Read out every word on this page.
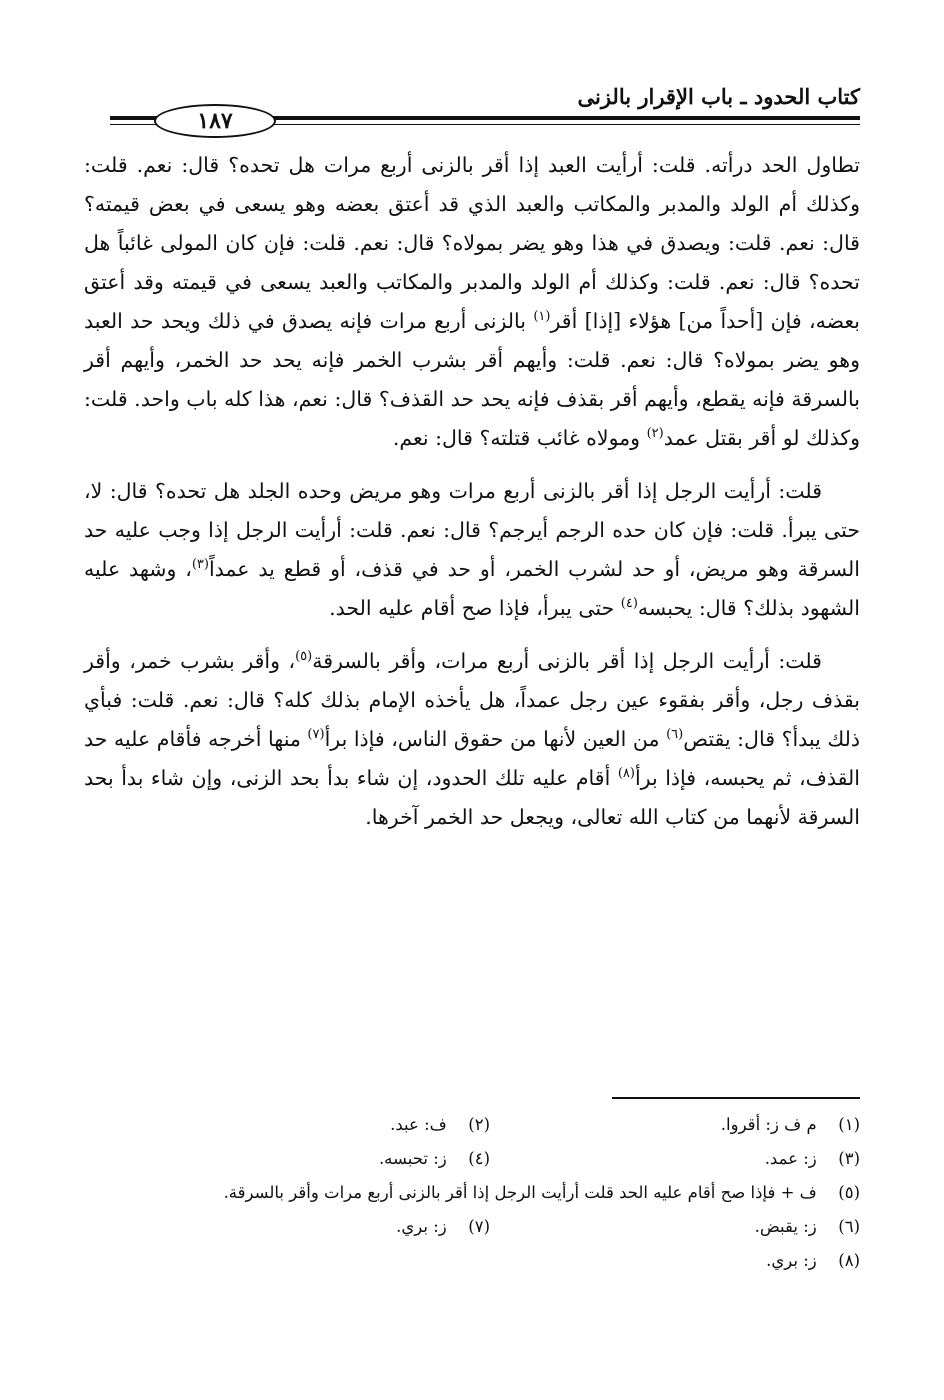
كتاب الحدود ـ باب الإقرار بالزنى
١٨٧

تطاول الحد درأته. قلت: أرأيت العبد إذا أقر بالزنى أربع مرات هل تحده؟ قال: نعم. قلت: وكذلك أم الولد والمدبر والمكاتب والعبد الذي قد أعتق بعضه وهو يسعى في بعض قيمته؟ قال: نعم. قلت: ويصدق في هذا وهو يضر بمولاه؟ قال: نعم. قلت: فإن كان المولى غائباً هل تحده؟ قال: نعم. قلت: وكذلك أم الولد والمدبر والمكاتب والعبد يسعى في قيمته وقد أعتق بعضه، فإن [أحداً من] هؤلاء [إذا] أقر$^{(١)}$ بالزنى أربع مرات فإنه يصدق في ذلك ويحد حد العبد وهو يضر بمولاه؟ قال: نعم. قلت: وأيهم أقر بشرب الخمر فإنه يحد حد الخمر، وأيهم أقر بالسرقة فإنه يقطع، وأيهم أقر بقذف فإنه يحد حد القذف؟ قال: نعم، هذا كله باب واحد. قلت: وكذلك لو أقر بقتل عمد$^{(٢)}$ ومولاه غائب قتلته؟ قال: نعم.

قلت: أرأيت الرجل إذا أقر بالزنى أربع مرات وهو مريض وحده الجلد هل تحده؟ قال: لا، حتى يبرأ. قلت: فإن كان حده الرجم أيرجم؟ قال: نعم. قلت: أرأيت الرجل إذا وجب عليه حد السرقة وهو مريض، أو حد لشرب الخمر، أو حد في قذف، أو قطع يد عمداً$^{(٣)}$، وشهد عليه الشهود بذلك؟ قال: يحبسه$^{(٤)}$ حتى يبرأ، فإذا صح أقام عليه الحد.

قلت: أرأيت الرجل إذا أقر بالزنى أربع مرات، وأقر بالسرقة$^{(٥)}$، وأقر بشرب خمر، وأقر بقذف رجل، وأقر بفقوء عين رجل عمداً، هل يأخذه الإمام بذلك كله؟ قال: نعم. قلت: فبأي ذلك يبدأ؟ قال: يقتص$^{(٦)}$ من العين لأنها من حقوق الناس، فإذا برأ$^{(٧)}$ منها أخرجه فأقام عليه حد القذف، ثم يحبسه، فإذا برأ$^{(٨)}$ أقام عليه تلك الحدود، إن شاء بدأ بحد الزنى، وإن شاء بدأ بحد السرقة لأنهما من كتاب الله تعالى، ويجعل حد الخمر آخرها.

(١) م ف ز: أقروا.
(٢) ف: عبد.
(٣) ز: عمد.
(٤) ز: تحبسه.
(٥) ف + فإذا صح أقام عليه الحد قلت أرأيت الرجل إذا أقر بالزنى أربع مرات وأقر بالسرقة.
(٦) ز: يقبض.
(٧) ز: بري.
(٨) ز: بري.
